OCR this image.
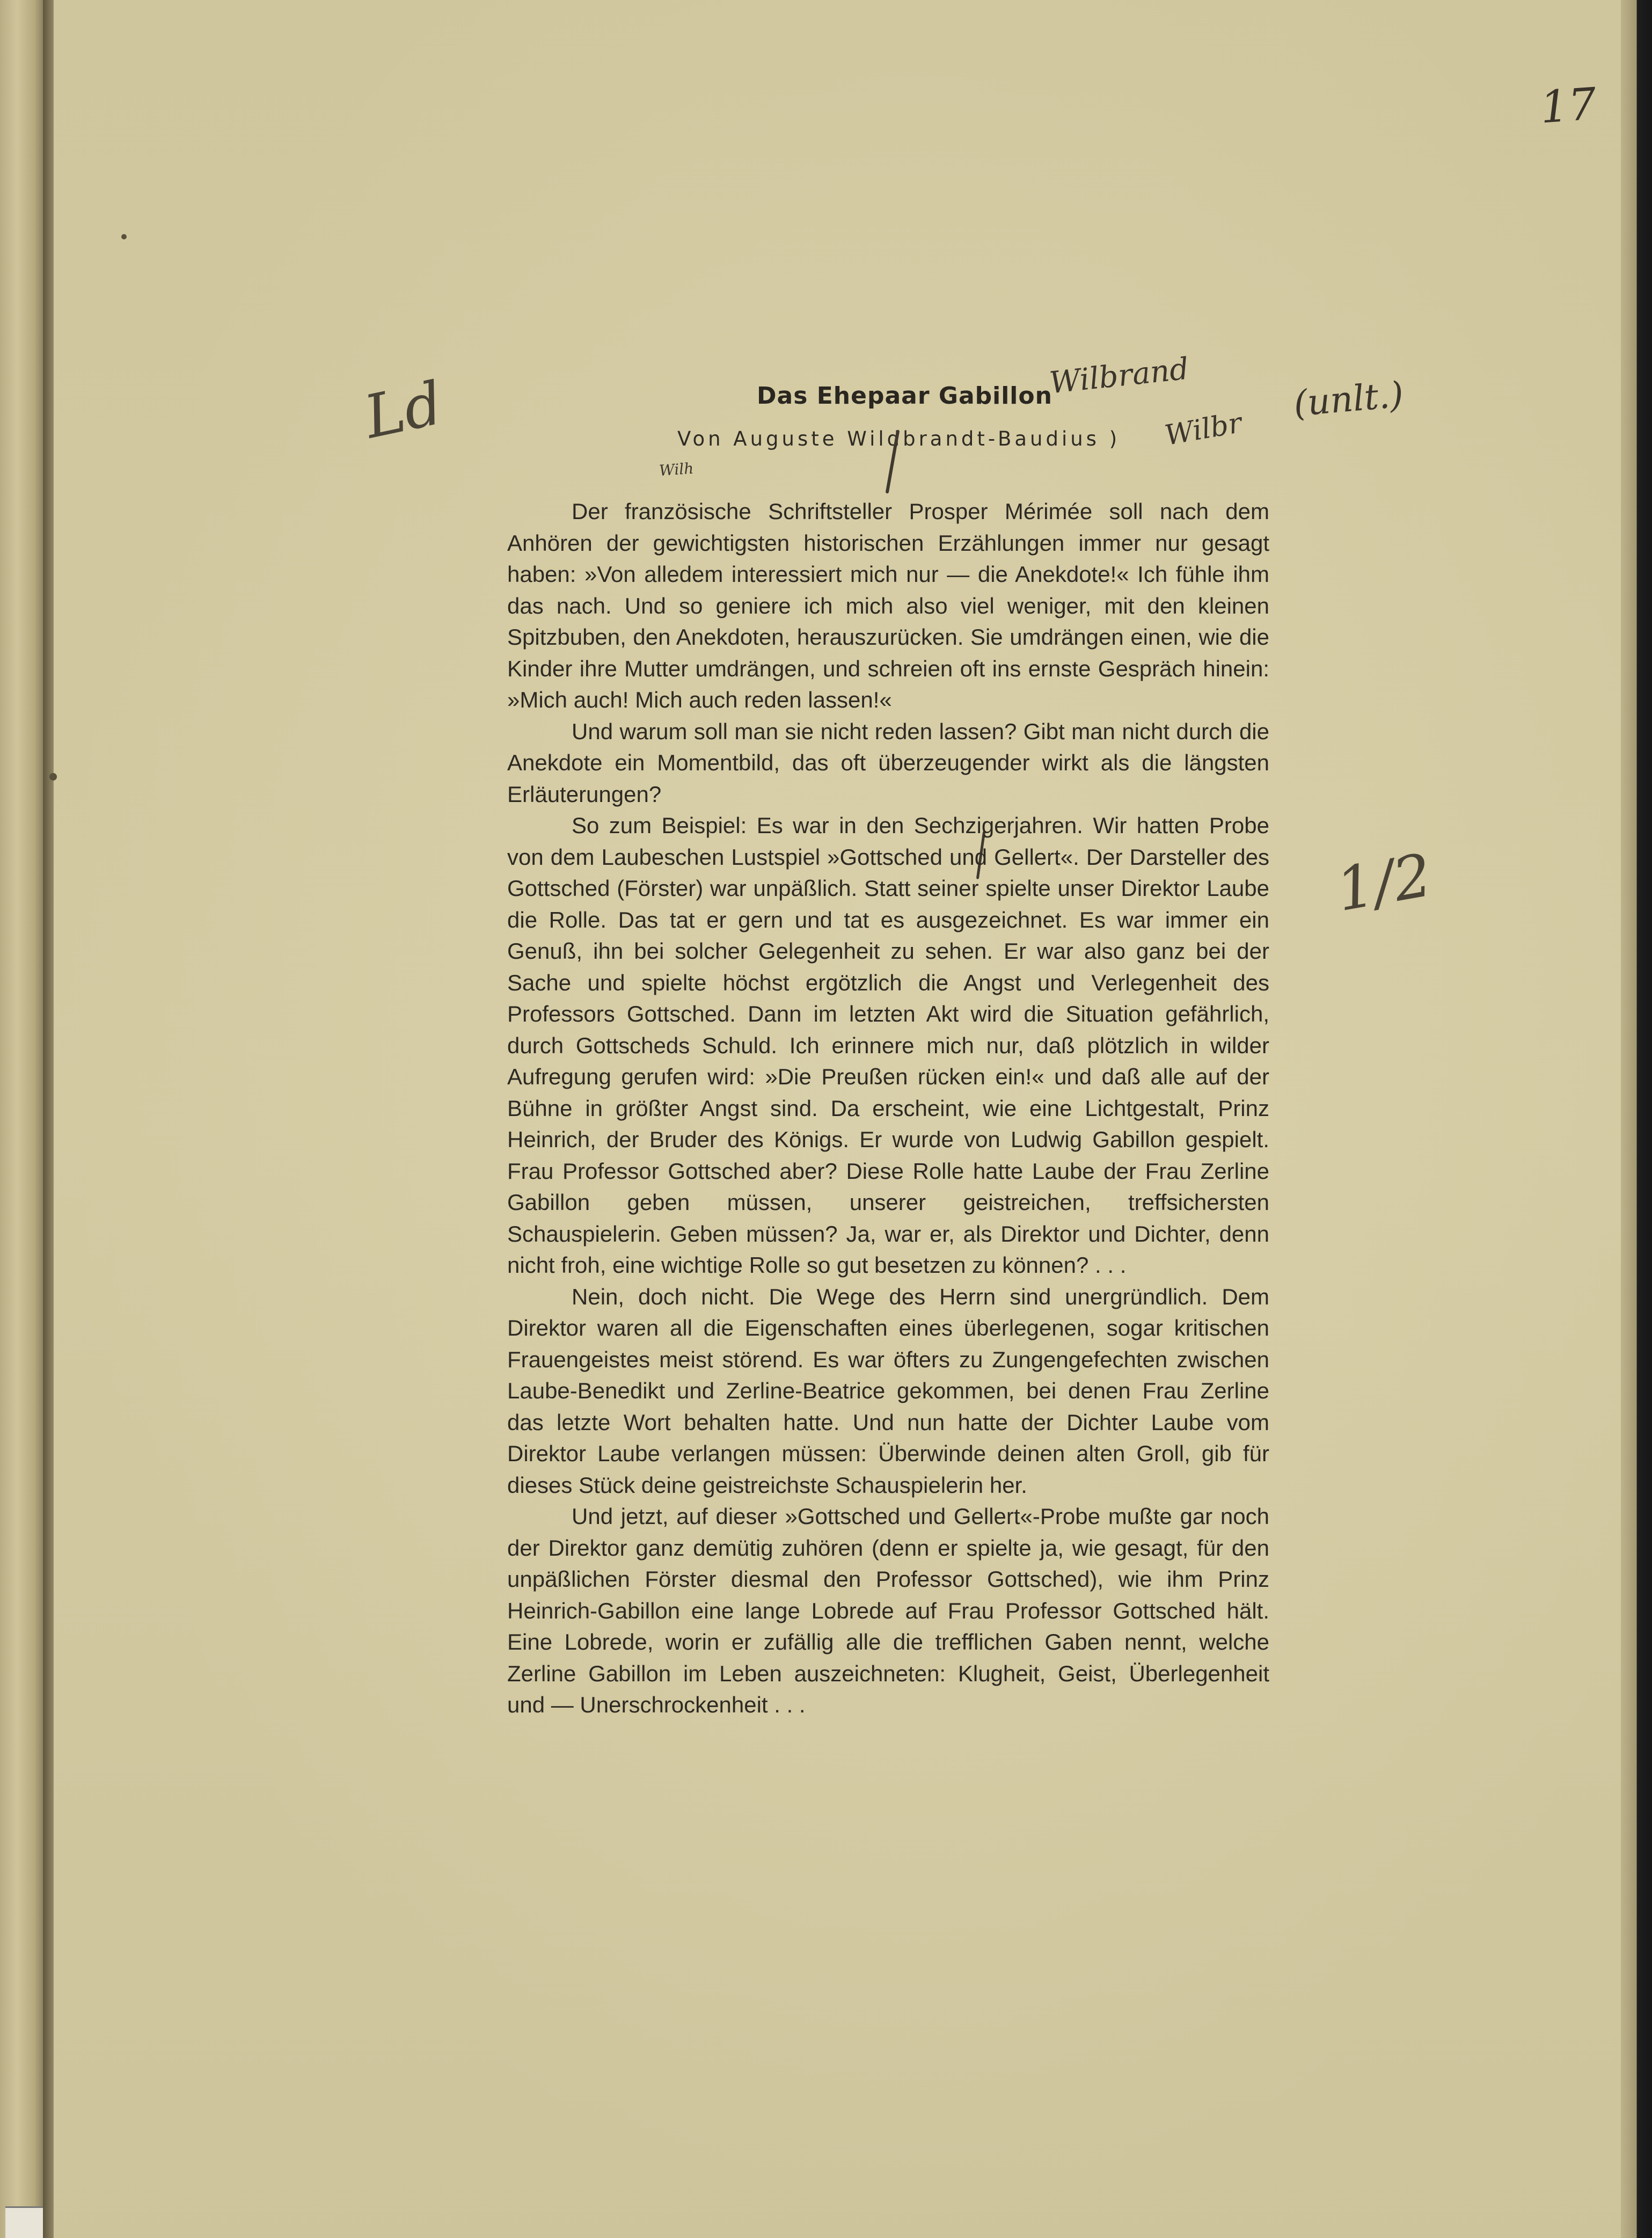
17
Das Ehepaar Gabillon
Von Auguste Wildbrandt-Baudius )
Ld
1/2
Wilbrand
Wilbr
(unlt.)
Wilh

Der französische Schriftsteller Prosper Mérimée soll nach dem Anhören der gewichtigsten historischen Erzählungen immer nur gesagt haben: »Von alledem interessiert mich nur — die Anekdote!« Ich fühle ihm das nach. Und so geniere ich mich also viel weniger, mit den kleinen Spitzbuben, den Anekdoten, herauszurücken. Sie umdrängen einen, wie die Kinder ihre Mutter umdrängen, und schreien oft ins ernste Gespräch hinein: »Mich auch! Mich auch reden lassen!«

Und warum soll man sie nicht reden lassen? Gibt man nicht durch die Anekdote ein Momentbild, das oft überzeugender wirkt als die längsten Erläuterungen?

So zum Beispiel: Es war in den Sechzigerjahren. Wir hatten Probe von dem Laubeschen Lustspiel »Gottsched und Gellert«. Der Darsteller des Gottsched (Förster) war unpäßlich. Statt seiner spielte unser Direktor Laube die Rolle. Das tat er gern und tat es ausgezeichnet. Es war immer ein Genuß, ihn bei solcher Gelegenheit zu sehen. Er war also ganz bei der Sache und spielte höchst ergötzlich die Angst und Verlegenheit des Professors Gottsched. Dann im letzten Akt wird die Situation gefährlich, durch Gottscheds Schuld. Ich erinnere mich nur, daß plötzlich in wilder Aufregung gerufen wird: »Die Preußen rücken ein!« und daß alle auf der Bühne in größter Angst sind. Da erscheint, wie eine Lichtgestalt, Prinz Heinrich, der Bruder des Königs. Er wurde von Ludwig Gabillon gespielt. Frau Professor Gottsched aber? Diese Rolle hatte Laube der Frau Zerline Gabillon geben müssen, unserer geistreichen, treffsichersten Schauspielerin. Geben müssen? Ja, war er, als Direktor und Dichter, denn nicht froh, eine wichtige Rolle so gut besetzen zu können? . . .

Nein, doch nicht. Die Wege des Herrn sind unergründlich. Dem Direktor waren all die Eigenschaften eines überlegenen, sogar kritischen Frauengeistes meist störend. Es war öfters zu Zungengefechten zwischen Laube-Benedikt und Zerline-Beatrice gekommen, bei denen Frau Zerline das letzte Wort behalten hatte. Und nun hatte der Dichter Laube vom Direktor Laube verlangen müssen: Überwinde deinen alten Groll, gib für dieses Stück deine geistreichste Schauspielerin her.

Und jetzt, auf dieser »Gottsched und Gellert«-Probe mußte gar noch der Direktor ganz demütig zuhören (denn er spielte ja, wie gesagt, für den unpäßlichen Förster diesmal den Professor Gottsched), wie ihm Prinz Heinrich-Gabillon eine lange Lobrede auf Frau Professor Gottsched hält. Eine Lobrede, worin er zufällig alle die trefflichen Gaben nennt, welche Zerline Gabillon im Leben auszeichneten: Klugheit, Geist, Überlegenheit und — Unerschrockenheit . . .
